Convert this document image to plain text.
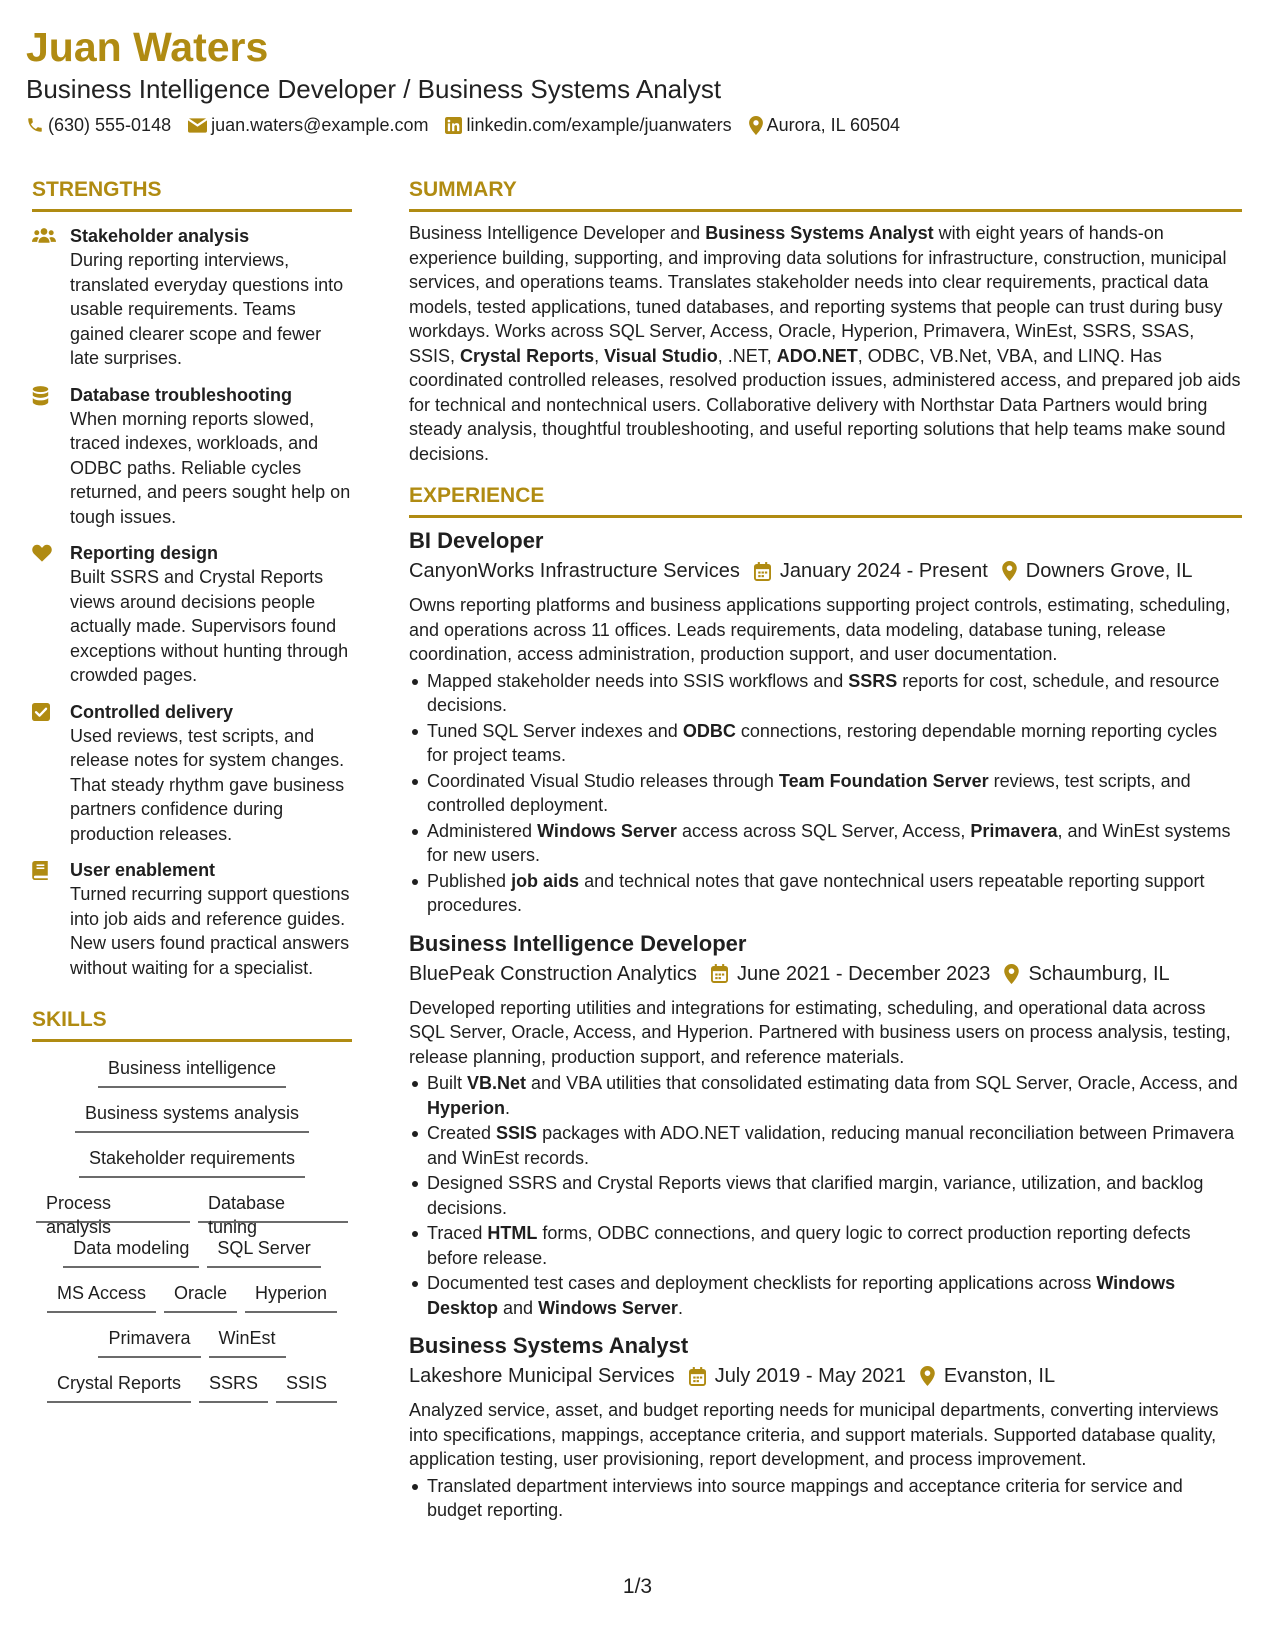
Juan Waters
Business Intelligence Developer / Business Systems Analyst
(630) 555-0148 juan.waters@example.com linkedin.com/example/juanwaters Aurora, IL 60504
STRENGTHS
Stakeholder analysis
During reporting interviews, translated everyday questions into usable requirements. Teams gained clearer scope and fewer late surprises.
Database troubleshooting
When morning reports slowed, traced indexes, workloads, and ODBC paths. Reliable cycles returned, and peers sought help on tough issues.
Reporting design
Built SSRS and Crystal Reports views around decisions people actually made. Supervisors found exceptions without hunting through crowded pages.
Controlled delivery
Used reviews, test scripts, and release notes for system changes. That steady rhythm gave business partners confidence during production releases.
User enablement
Turned recurring support questions into job aids and reference guides. New users found practical answers without waiting for a specialist.
SKILLS
Business intelligence
Business systems analysis
Stakeholder requirements
Process analysis
Database tuning
Data modeling	SQL Server
MS Access	Oracle	Hyperion
Primavera	WinEst
Crystal Reports	SSRS	SSIS
SUMMARY
Business Intelligence Developer and Business Systems Analyst with eight years of hands-on experience building, supporting, and improving data solutions for infrastructure, construction, municipal services, and operations teams. Translates stakeholder needs into clear requirements, practical data models, tested applications, tuned databases, and reporting systems that people can trust during busy workdays. Works across SQL Server, Access, Oracle, Hyperion, Primavera, WinEst, SSRS, SSAS, SSIS, Crystal Reports, Visual Studio, .NET, ADO.NET, ODBC, VB.Net, VBA, and LINQ. Has coordinated controlled releases, resolved production issues, administered access, and prepared job aids for technical and nontechnical users. Collaborative delivery with Northstar Data Partners would bring steady analysis, thoughtful troubleshooting, and useful reporting solutions that help teams make sound decisions.
EXPERIENCE
BI Developer
CanyonWorks Infrastructure Services January 2024 - Present Downers Grove, IL
Owns reporting platforms and business applications supporting project controls, estimating, scheduling, and operations across 11 offices. Leads requirements, data modeling, database tuning, release coordination, access administration, production support, and user documentation.
Mapped stakeholder needs into SSIS workflows and SSRS reports for cost, schedule, and resource decisions.
Tuned SQL Server indexes and ODBC connections, restoring dependable morning reporting cycles for project teams.
Coordinated Visual Studio releases through Team Foundation Server reviews, test scripts, and controlled deployment.
Administered Windows Server access across SQL Server, Access, Primavera, and WinEst systems for new users.
Published job aids and technical notes that gave nontechnical users repeatable reporting support procedures.
Business Intelligence Developer
BluePeak Construction Analytics June 2021 - December 2023 Schaumburg, IL
Developed reporting utilities and integrations for estimating, scheduling, and operational data across SQL Server, Oracle, Access, and Hyperion. Partnered with business users on process analysis, testing, release planning, production support, and reference materials.
Built VB.Net and VBA utilities that consolidated estimating data from SQL Server, Oracle, Access, and Hyperion.
Created SSIS packages with ADO.NET validation, reducing manual reconciliation between Primavera and WinEst records.
Designed SSRS and Crystal Reports views that clarified margin, variance, utilization, and backlog decisions.
Traced HTML forms, ODBC connections, and query logic to correct production reporting defects before release.
Documented test cases and deployment checklists for reporting applications across Windows Desktop and Windows Server.
Business Systems Analyst
Lakeshore Municipal Services July 2019 - May 2021 Evanston, IL
Analyzed service, asset, and budget reporting needs for municipal departments, converting interviews into specifications, mappings, acceptance criteria, and support materials. Supported database quality, application testing, user provisioning, report development, and process improvement.
Translated department interviews into source mappings and acceptance criteria for service and budget reporting.
1/3
